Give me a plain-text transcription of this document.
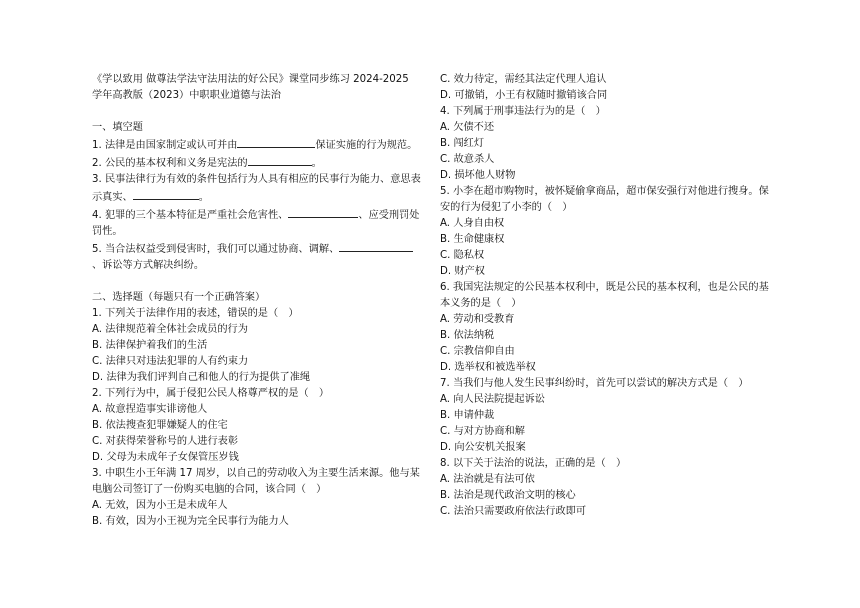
《学以致用 做尊法学法守法用法的好公民》课堂同步练习 2024-2025
学年高教版（2023）中职职业道德与法治
一、填空题
1. 法律是由国家制定或认可并由	保证实施的行为规范。
2. 公民的基本权利和义务是宪法的	。
3. 民事法律行为有效的条件包括行为人具有相应的民事行为能力、意思表示真实、	。
4. 犯罪的三个基本特征是严重社会危害性、	、应受刑罚处罚性。
5. 当合法权益受到侵害时，我们可以通过协商、调解、、诉讼等方式解决纠纷。
二、选择题（每题只有一个正确答案）
1. 下列关于法律作用的表述，错误的是（　）
A. 法律规范着全体社会成员的行为
B. 法律保护着我们的生活
C. 法律只对违法犯罪的人有约束力
D. 法律为我们评判自己和他人的行为提供了准绳
2. 下列行为中，属于侵犯公民人格尊严权的是（　）
A. 故意捏造事实诽谤他人
B. 依法搜查犯罪嫌疑人的住宅
C. 对获得荣誉称号的人进行表彰
D. 父母为未成年子女保管压岁钱
3. 中职生小王年满 17 周岁，以自己的劳动收入为主要生活来源。他与某电脑公司签订了一份购买电脑的合同，该合同（　）
A. 无效，因为小王是未成年人
B. 有效，因为小王视为完全民事行为能力人
C. 效力待定，需经其法定代理人追认
D. 可撤销，小王有权随时撤销该合同
4. 下列属于刑事违法行为的是（　）
A. 欠债不还
B. 闯红灯
C. 故意杀人
D. 损坏他人财物
5. 小李在超市购物时，被怀疑偷拿商品，超市保安强行对他进行搜身。保安的行为侵犯了小李的（　）
A. 人身自由权
B. 生命健康权
C. 隐私权
D. 财产权
6. 我国宪法规定的公民基本权利中，既是公民的基本权利，也是公民的基本义务的是（　）
A. 劳动和受教育
B. 依法纳税
C. 宗教信仰自由
D. 选举权和被选举权
7. 当我们与他人发生民事纠纷时，首先可以尝试的解决方式是（　）
A. 向人民法院提起诉讼
B. 申请仲裁
C. 与对方协商和解
D. 向公安机关报案
8. 以下关于法治的说法，正确的是（　）
A. 法治就是有法可依
B. 法治是现代政治文明的核心
C. 法治只需要政府依法行政即可
